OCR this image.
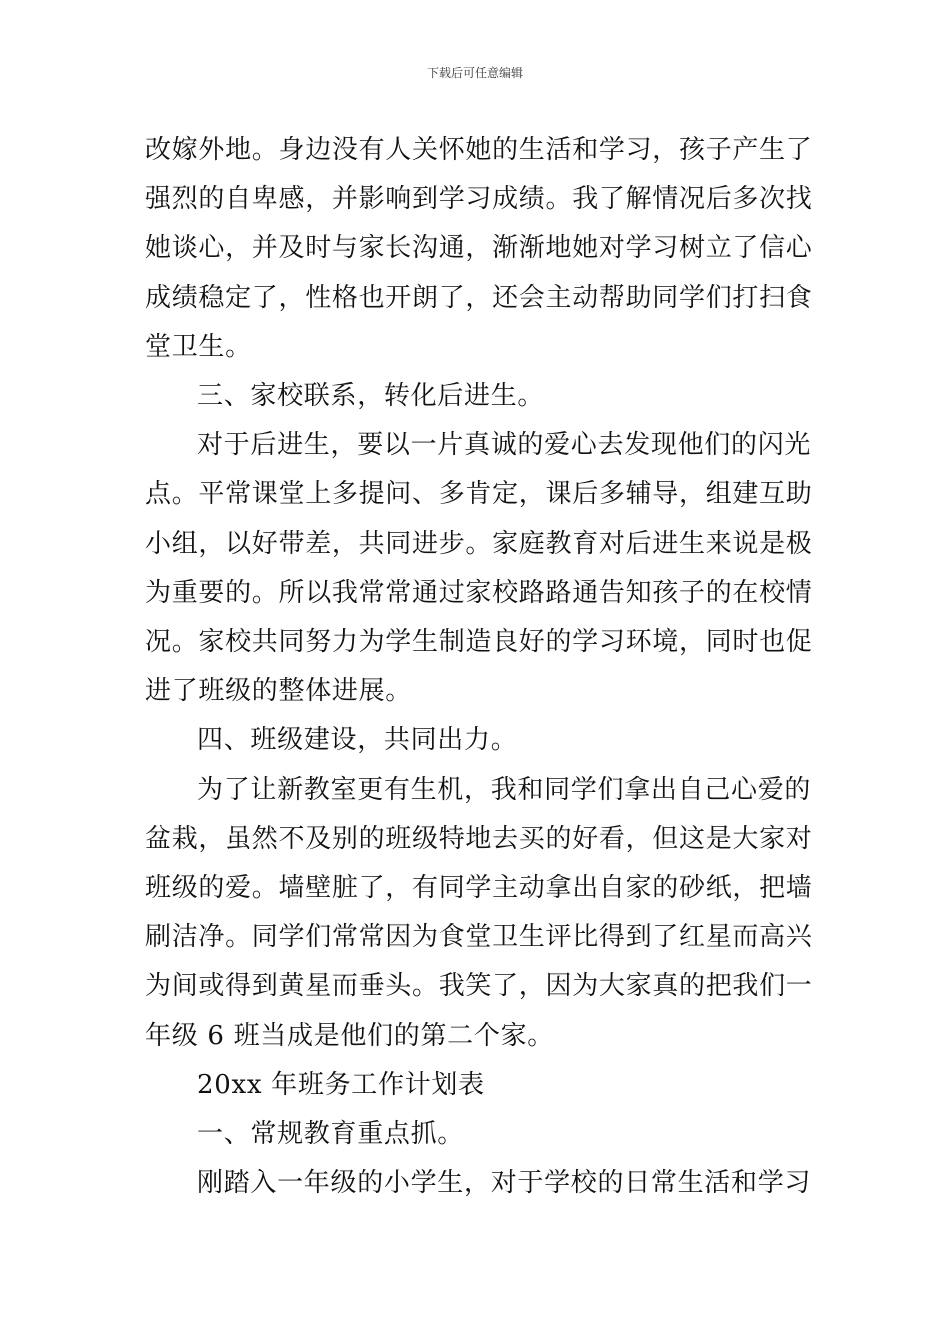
下载后可任意编辑

改嫁外地。身边没有人关怀她的生活和学习，孩子产生了
强烈的自卑感，并影响到学习成绩。我了解情况后多次找
她谈心，并及时与家长沟通，渐渐地她对学习树立了信心
成绩稳定了，性格也开朗了，还会主动帮助同学们打扫食
堂卫生。

三、家校联系，转化后进生。

对于后进生，要以一片真诚的爱心去发现他们的闪光
点。平常课堂上多提问、多肯定，课后多辅导，组建互助
小组，以好带差，共同进步。家庭教育对后进生来说是极
为重要的。所以我常常通过家校路路通告知孩子的在校情
况。家校共同努力为学生制造良好的学习环境，同时也促
进了班级的整体进展。

四、班级建设，共同出力。

为了让新教室更有生机，我和同学们拿出自己心爱的
盆栽，虽然不及别的班级特地去买的好看，但这是大家对
班级的爱。墙壁脏了，有同学主动拿出自家的砂纸，把墙
刷洁净。同学们常常因为食堂卫生评比得到了红星而高兴
为间或得到黄星而垂头。我笑了，因为大家真的把我们一
年级 6 班当成是他们的第二个家。

20xx 年班务工作计划表

一、常规教育重点抓。

刚踏入一年级的小学生，对于学校的日常生活和学习
